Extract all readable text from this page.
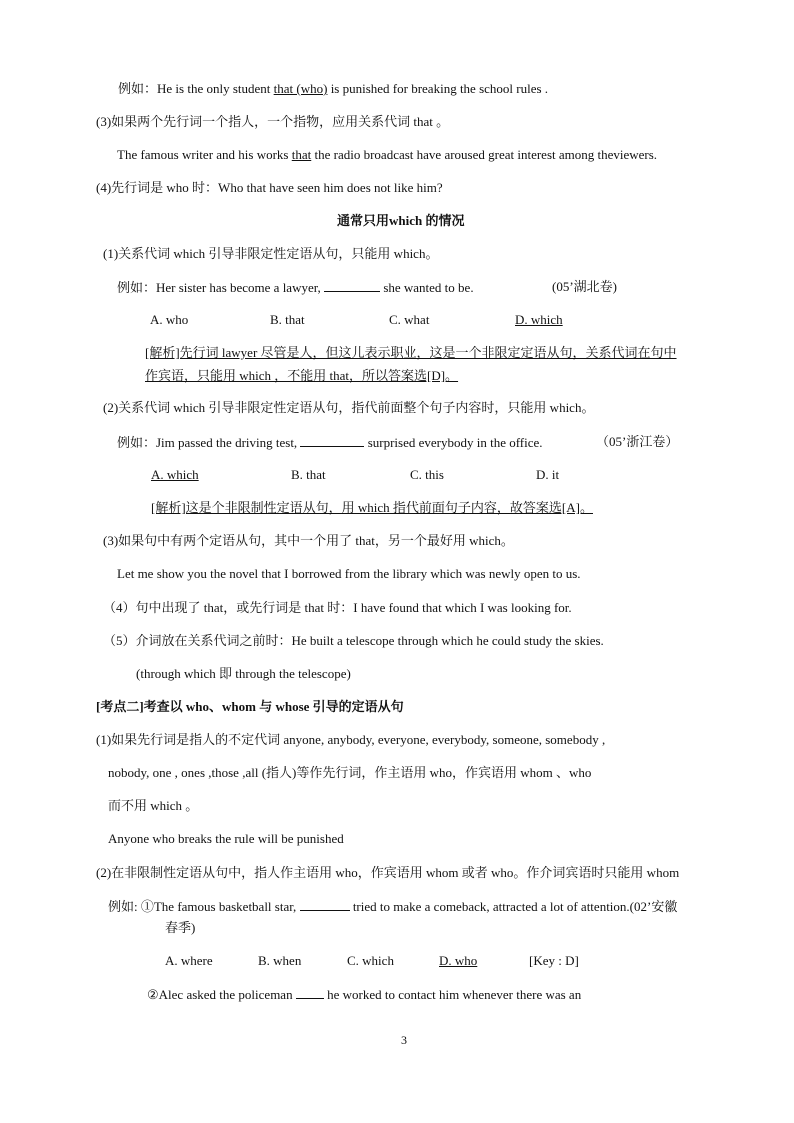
例如：He is the only student that (who) is punished for breaking the school rules .
(3)如果两个先行词一个指人，一个指物，应用关系代词 that 。
The famous writer and his works that the radio broadcast have aroused great interest among theviewers.
(4)先行词是 who 时：Who that have seen him does not like him?
通常只用which 的情况
(1)关系代词 which 引导非限定性定语从句，只能用 which。
例如：Her sister has become a lawyer,	she wanted to be.	(05’湖北卷)
A. who	B. that	C. what	D. which
[解析]先行词 lawyer 尽管是人，但这儿表示职业，这是一个非限定定语从句，关系代词在句中
作宾语，只能用 which ，不能用 that，所以答案选[D]。
(2)关系代词 which 引导非限定性定语从句，指代前面整个句子内容时，只能用 which。
例如：Jim passed the driving test,	surprised everybody in the office.	（05’浙江卷）
A. which	B. that	C. this	D. it
[解析]这是个非限制性定语从句，用 which 指代前面句子内容，故答案选[A]。
(3)如果句中有两个定语从句，其中一个用了 that，另一个最好用 which。
Let me show you the novel that I borrowed from the library which was newly open to us.
（4）句中出现了 that，或先行词是 that 时：I have found that which I was looking for.
（5）介词放在关系代词之前时：He built a telescope through which he could study the skies.
(through which 即 through the telescope)
[考点二]考查以 who、whom 与 whose 引导的定语从句
(1)如果先行词是指人的不定代词 anyone, anybody, everyone, everybody, someone, somebody ,
nobody, one , ones ,those ,all (指人)等作先行词，作主语用 who，作宾语用 whom 、who
而不用 which 。
Anyone who breaks the rule will be punished
(2)在非限制性定语从句中，指人作主语用 who，作宾语用 whom 或者 who。作介词宾语时只能用 whom
例如: ①The famous basketball star,	tried to make a comeback, attracted a lot of attention.(02’安徽
春季)
A. where	B. when	C. which	D. who	[Key : D]
②Alec asked the policeman  he worked to contact him whenever there was an
3
